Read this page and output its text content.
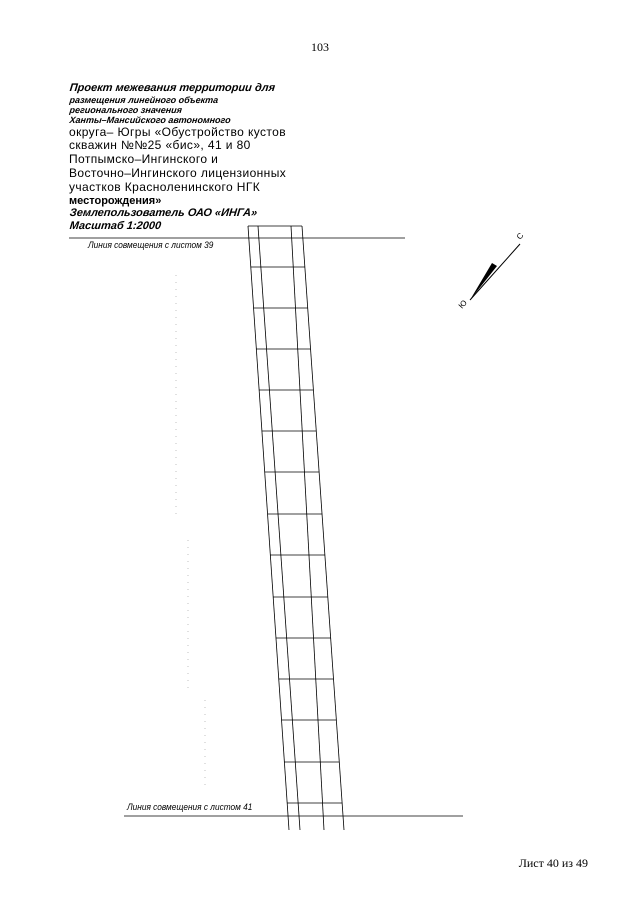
103

Проект межевания территории для
размещения линейного объекта
регионального значения
Ханты–Мансийского автономного
округа– Югры «Обустройство кустов
скважин №№25 «бис», 41 и 80
Потпымско–Ингинского и
Восточно–Ингинского лицензионных
участков Красноленинского НГК
месторождения»
Землепользователь ОАО «ИНГА»
Масштаб 1:2000
С
Ю
Линия совмещения с листом 39
Линия совмещения с листом 41

Лист 40 из 49
